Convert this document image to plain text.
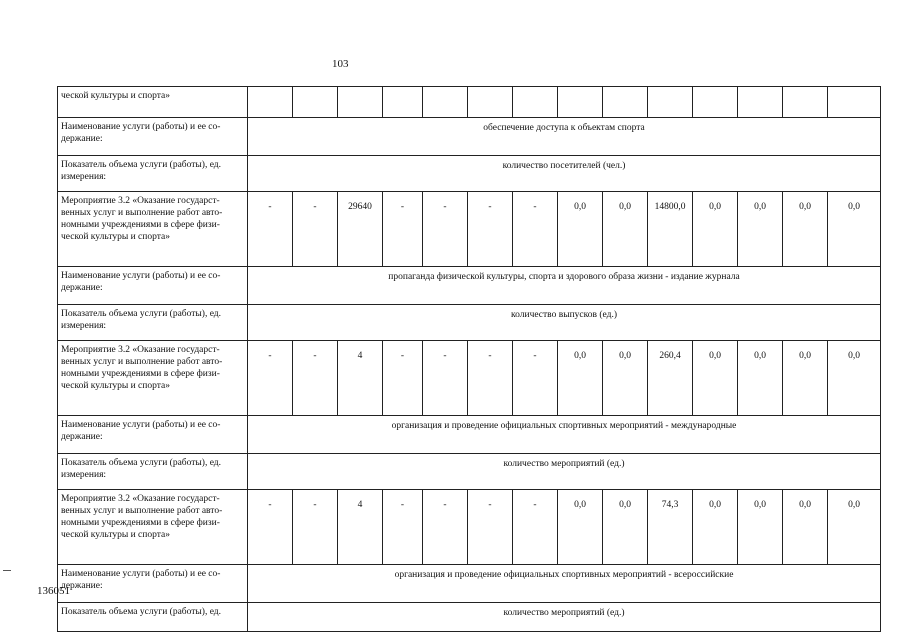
103
ческой культуры и спорта»														
Наименование услуги (работы) и ее со-держание:	обеспечение доступа к объектам спорта													
Показатель объема услуги (работы), ед. измерения:	количество посетителей (чел.)													
Мероприятие 3.2 «Оказание государст-венных услуг и выполнение работ авто-номными учреждениями в сфере физи-ческой культуры и спорта»	-	-	29640	-	-	-	-	0,0	0,0	14800,0	0,0	0,0	0,0	0,0
Наименование услуги (работы) и ее со-держание:	пропаганда физической культуры, спорта и здорового образа жизни - издание журнала													
Показатель объема услуги (работы), ед. измерения:	количество выпусков (ед.)													
Мероприятие 3.2 «Оказание государст-венных услуг и выполнение работ авто-номными учреждениями в сфере физи-ческой культуры и спорта»	-	-	4	-	-	-	-	0,0	0,0	260,4	0,0	0,0	0,0	0,0
Наименование услуги (работы) и ее со-держание:	организация и проведение официальных спортивных мероприятий - международные													
Показатель объема услуги (работы), ед. измерения:	количество мероприятий (ед.)													
Мероприятие 3.2 «Оказание государст-венных услуг и выполнение работ авто-номными учреждениями в сфере физи-ческой культуры и спорта»	-	-	4	-	-	-	-	0,0	0,0	74,3	0,0	0,0	0,0	0,0
Наименование услуги (работы) и ее со-держание:	организация и проведение официальных спортивных мероприятий - всероссийские													
Показатель объема услуги (работы), ед.	количество мероприятий (ед.)													
136051
